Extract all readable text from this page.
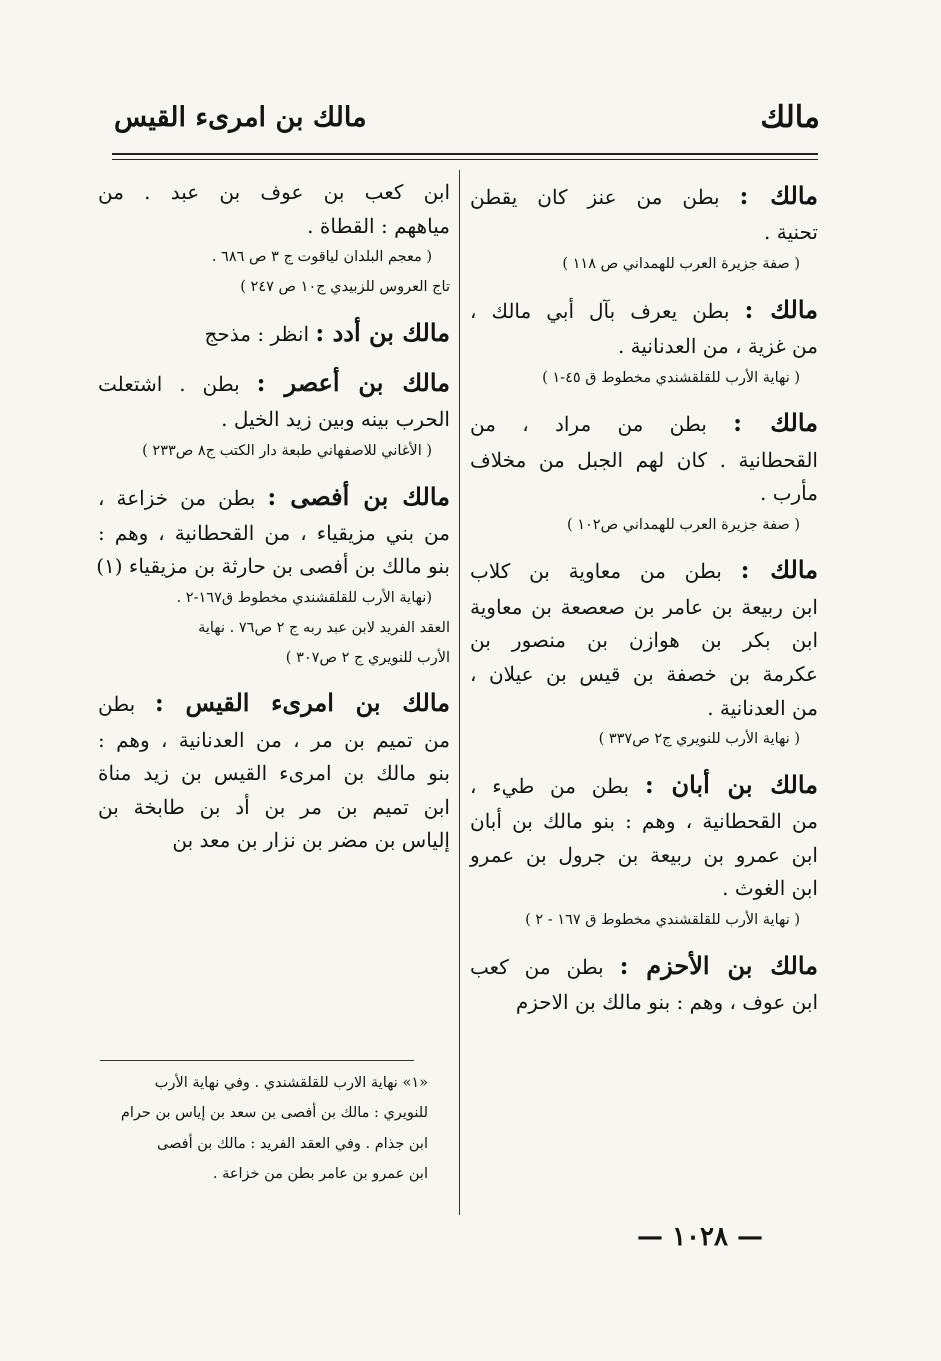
مالك
مالك بن امرىء القيس
مالك : بطن من عنز كان يقطن
تحنية .
( صفة جزيرة العرب للهمداني ص ١١٨ )
مالك : بطن يعرف بآل أبي مالك ،
من غزية ، من العدنانية .
( نهاية الأرب للقلقشندي مخطوط ق ٤٥-١ )
مالك : بطن من مراد ، من
القحطانية . كان لهم الجبل من مخلاف
مأرب .
( صفة جزيرة العرب للهمداني ص١٠٢ )
مالك : بطن من معاوية بن كلاب
ابن ربيعة بن عامر بن صعصعة بن معاوية
ابن بكر بن هوازن بن منصور بن
عكرمة بن خصفة بن قيس بن عيلان ،
من العدنانية .
( نهاية الأرب للنويري ج٢ ص٣٣٧ )
مالك بن أبان : بطن من طيء ،
من القحطانية ، وهم : بنو مالك بن أبان
ابن عمرو بن ربيعة بن جرول بن عمرو
ابن الغوث .
( نهاية الأرب للقلقشندي مخطوط ق ١٦٧ - ٢ )
مالك بن الأحزم : بطن من كعب
ابن عوف ، وهم : بنو مالك بن الاحزم
ابن كعب بن عوف بن عبد . من
مياههم : القطاة .
( معجم البلدان لياقوت ج ٣ ص ٦٨٦ .
تاج العروس للزبيدي ج١٠ ص ٢٤٧ )
مالك بن أدد : انظر : مذحج
مالك بن أعصر : بطن . اشتعلت
الحرب بينه وبين زيد الخيل .
( الأغاني للاصفهاني طبعة دار الكتب ج٨ ص٢٣٣ )
مالك بن أفصى : بطن من خزاعة ،
من بني مزيقياء ، من القحطانية ، وهم :
بنو مالك بن أفصى بن حارثة بن مزيقياء (١)
(نهاية الأرب للقلقشندي مخطوط ق١٦٧-٢ .
العقد الفريد لابن عبد ربه ج ٢ ص٧٦ . نهاية
الأرب للنويري ج ٢ ص٣٠٧ )
مالك بن امرىء القيس : بطن
من تميم بن مر ، من العدنانية ، وهم :
بنو مالك بن امرىء القيس بن زيد مناة
ابن تميم بن مر بن أد بن طابخة بن
إلياس بن مضر بن نزار بن معد بن
«١» نهاية الارب للقلقشندي . وفي نهاية الأرب
للنويري : مالك بن أفصى بن سعد بن إياس بن حرام
ابن جذام . وفي العقد الفريد : مالك بن أفصى
ابن عمرو بن عامر بطن من خزاعة .
— ١٠٢٨ —
